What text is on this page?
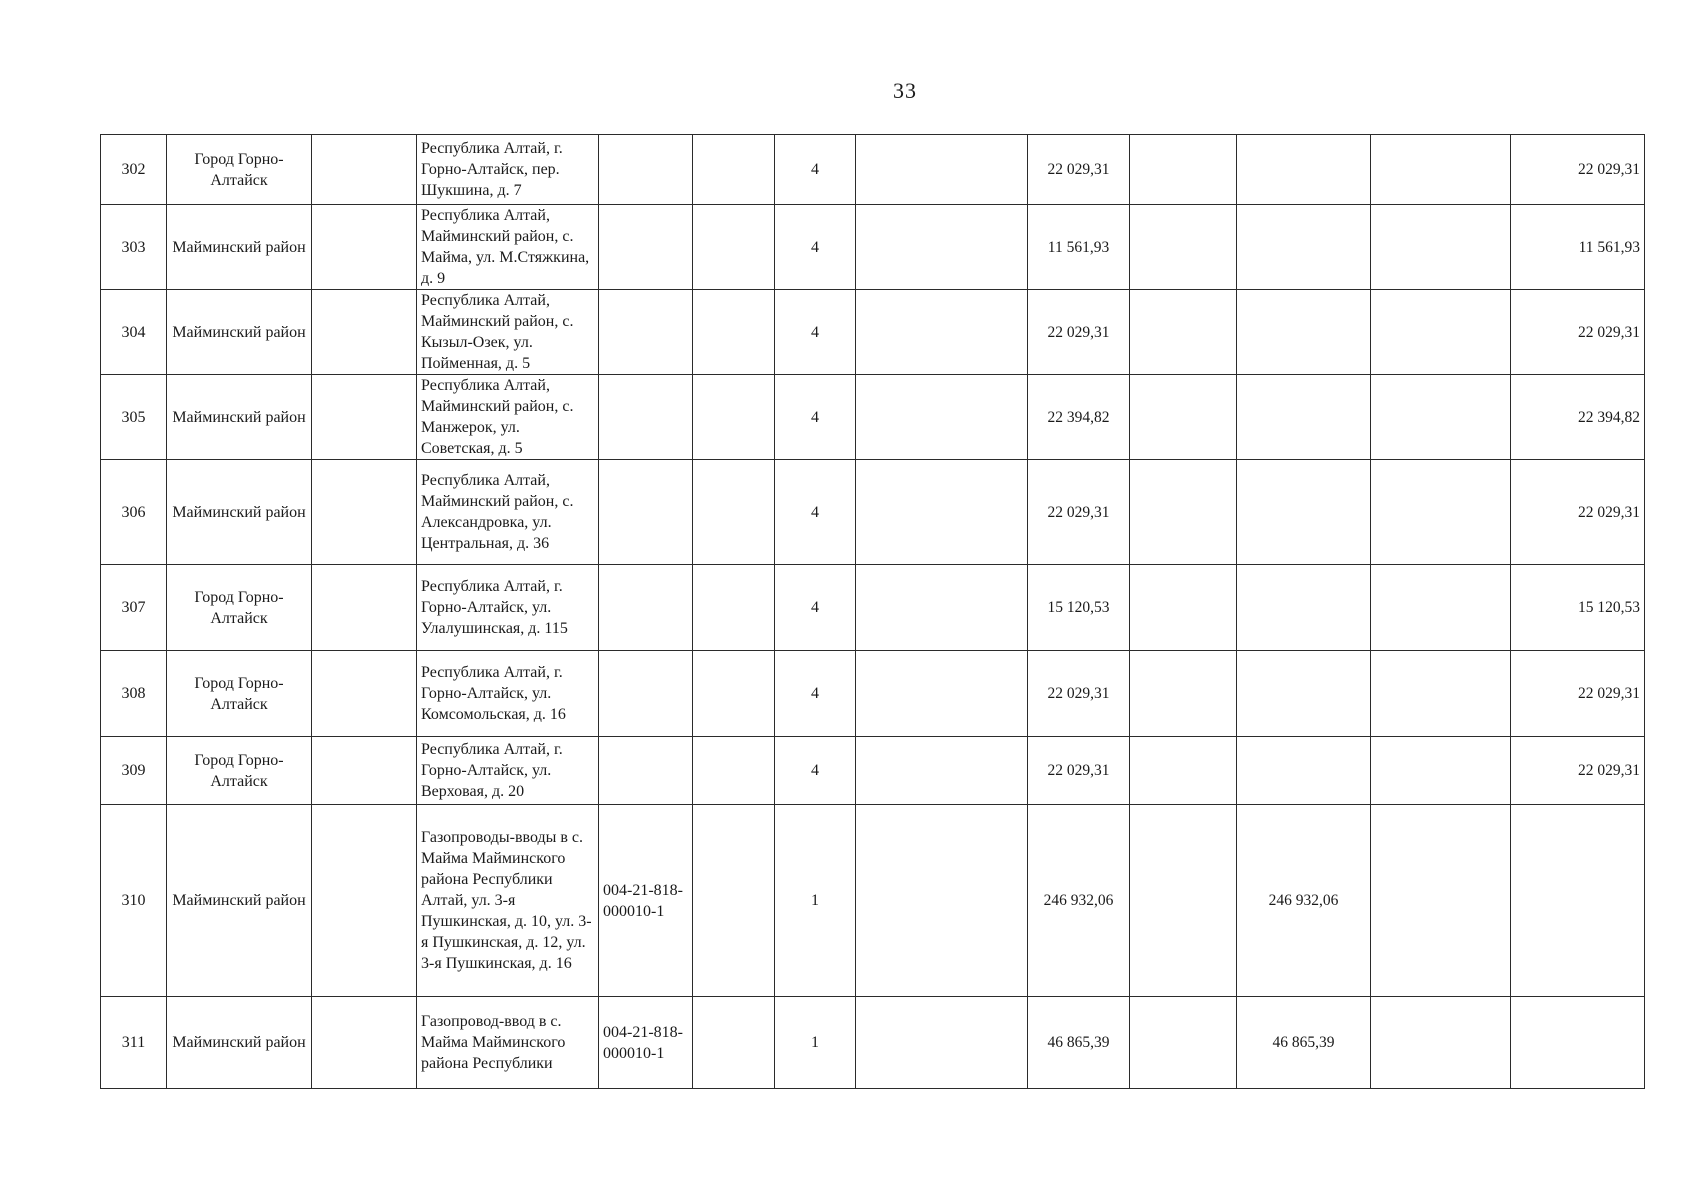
33
302	Город Горно-Алтайск		Республика Алтай, г. Горно-Алтайск, пер. Шукшина, д. 7			4		22 029,31				22 029,31
303	Майминский район		Республика Алтай, Майминский район, с. Майма, ул. М.Стяжкина, д. 9			4		11 561,93				11 561,93
304	Майминский район		Республика Алтай, Майминский район, с. Кызыл-Озек, ул. Пойменная, д. 5			4		22 029,31				22 029,31
305	Майминский район		Республика Алтай, Майминский район, с. Манжерок, ул. Советская, д. 5			4		22 394,82				22 394,82
306	Майминский район		Республика Алтай, Майминский район, с. Александровка, ул. Центральная, д. 36			4		22 029,31				22 029,31
307	Город Горно-Алтайск		Республика Алтай, г. Горно-Алтайск, ул. Улалушинская, д. 115			4		15 120,53				15 120,53
308	Город Горно-Алтайск		Республика Алтай, г. Горно-Алтайск, ул. Комсомольская, д. 16			4		22 029,31				22 029,31
309	Город Горно-Алтайск		Республика Алтай, г. Горно-Алтайск, ул. Верховая, д. 20			4		22 029,31				22 029,31
310	Майминский район		Газопроводы-вводы в с. Майма Майминского района Республики Алтай, ул. 3-я Пушкинская, д. 10, ул. 3-я Пушкинская, д. 12, ул. 3-я Пушкинская, д. 16	004-21-818-000010-1		1		246 932,06		246 932,06		
311	Майминский район		Газопровод-ввод в с. Майма Майминского района Республики	004-21-818-000010-1		1		46 865,39		46 865,39		
